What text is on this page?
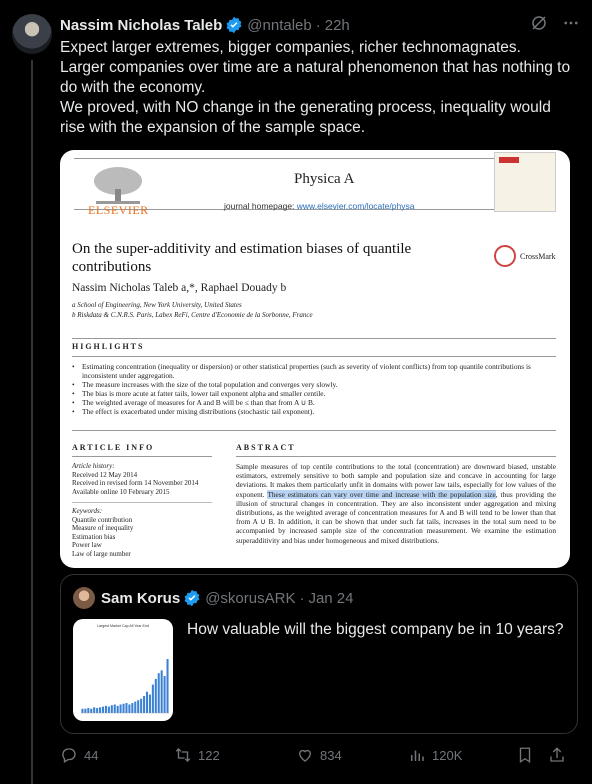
Nassim Nicholas Taleb @nntaleb · 22h
Expect larger extremes, bigger companies, richer technomagnates.
Larger companies over time are a natural phenomenon that has nothing to do with the economy.
We proved, with NO change in the generating process, inequality would rise with the expansion of the sample space.
ELSEVIER
Physica A
journal homepage: www.elsevier.com/locate/physa
On the super-additivity and estimation biases of quantile contributions
CrossMark
Nassim Nicholas Taleb a,*, Raphael Douady b
a School of Engineering, New York University, United States
b Riskdata & C.N.R.S. Paris, Labex ReFi, Centre d'Economie de la Sorbonne, France
HIGHLIGHTS
• Estimating concentration (inequality or dispersion) or other statistical properties (such as severity of violent conflicts) from top quantile contributions is inconsistent under aggregation.
• The measure increases with the size of the total population and converges very slowly.
• The bias is more acute at fatter tails, lower tail exponent alpha and smaller centile.
• The weighted average of measures for A and B will be ≤ than that from A ∪ B.
• The effect is exacerbated under mixing distributions (stochastic tail exponent).
ARTICLE INFO	ABSTRACT
Article history:
Received 12 May 2014
Received in revised form 14 November 2014
Available online 10 February 2015
Keywords:
Quantile contribution
Measure of inequality
Estimation bias
Power law
Law of large number
Sample measures of top centile contributions to the total (concentration) are downward biased, unstable estimators, extremely sensitive to both sample and population size and concave in accounting for large deviations. It makes them particularly unfit in domains with power law tails, especially for low values of the exponent. These estimators can vary over time and increase with the population size, thus providing the illusion of structural changes in concentration. They are also inconsistent under aggregation and mixing distributions, as the weighted average of concentration measures for A and B will tend to be lower than that from A ∪ B. In addition, it can be shown that under such fat tails, increases in the total sum need to be accompanied by increased sample size of the concentration measurement. We examine the estimation superadditivity and bias under homogeneous and mixed distributions.
Sam Korus @skorusARK · Jan 24
Largest Market Cap All Year End How valuable will the biggest company be in 10 years?
44	122	834	120K
